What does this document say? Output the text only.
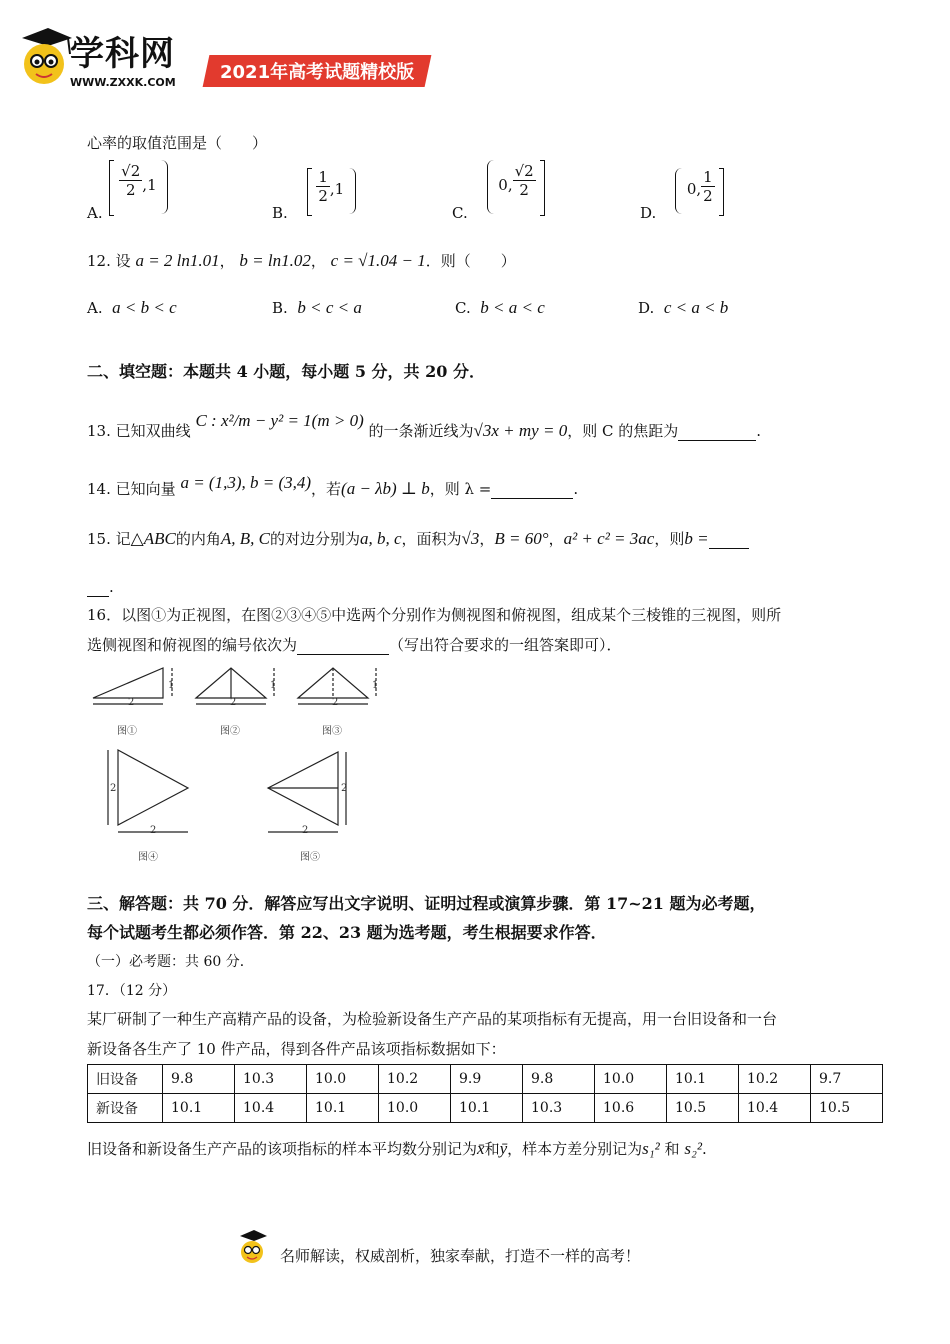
学科网
WWW.ZXXK.COM	2021年高考试题精校版
心率的取值范围是（　　）
A.
$\frac{√2}{2} ,1$
B.
$\frac{1}{2} ,1$
C.  0, $\frac{√2}{2}$

D.  0, $\frac{1}{2}$

12. 设 a = 2 ln1.01， b = ln1.02， c = √1.04 − 1．则（　　）
A. a < b < c	B. b < c < a	C. b < a < c	D. c < a < b
二、填空题：本题共 4 小题，每小题 5 分，共 20 分．
13. 已知双曲线 C : x²/m − y² = 1(m > 0) 的一条渐近线为√3x + my = 0，则 C 的焦距为	.
14. 已知向量 a = (1,3), b = (3,4)，若(a − λb) ⊥ b，则 λ =	.
15. 记△ABC的内角A, B, C的对边分别为a, b, c，面积为√3，B = 60°，a² + c² = 3ac，则b =
.
16．以图①为正视图，在图②③④⑤中选两个分别作为侧视图和俯视图，组成某个三棱锥的三视图，则所
选侧视图和俯视图的编号依次为	（写出符合要求的一组答案即可）．
2
1
图①
2
1
图②
2
1
图③
2
2
图④
2
2
图⑤
三、解答题：共 70 分．解答应写出文字说明、证明过程或演算步骤．第 17~21 题为必考题，
每个试题考生都必须作答．第 22、23 题为选考题，考生根据要求作答．
（一）必考题：共 60 分．
17．（12 分）
某厂研制了一种生产高精产品的设备，为检验新设备生产产品的某项指标有无提高，用一台旧设备和一台
新设备各生产了 10 件产品，得到各件产品该项指标数据如下：
旧设备	9.8	10.3	10.0	10.2	9.9	9.8	10.0	10.1	10.2	9.7
新设备	10.1	10.4	10.1	10.0	10.1	10.3	10.6	10.5	10.4	10.5
旧设备和新设备生产产品的该项指标的样本平均数分别记为x̄和ȳ，样本方差分别记为s₁² 和 s₂².
名师解读，权威剖析，独家奉献，打造不一样的高考！
